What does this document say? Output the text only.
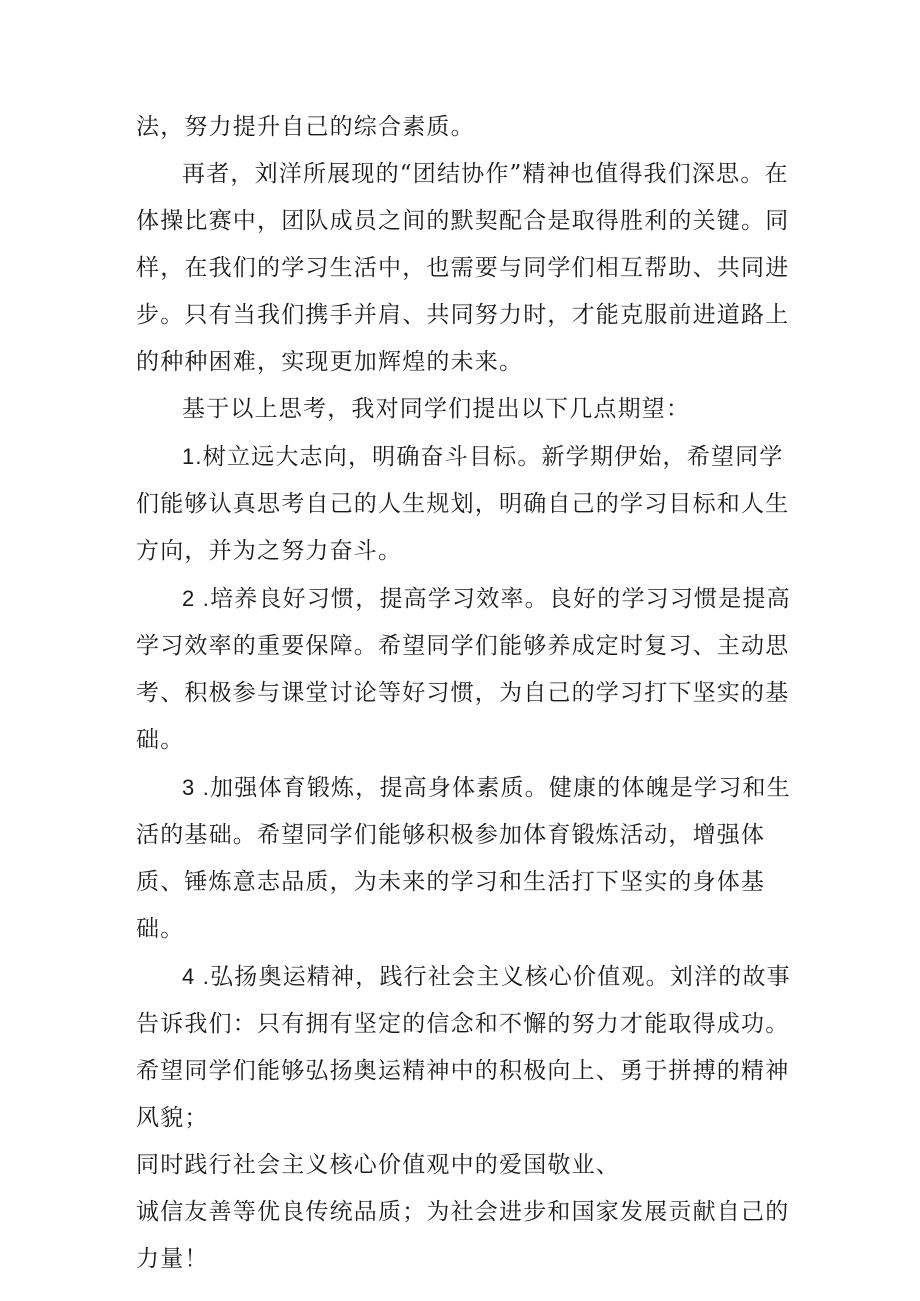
法，努力提升自己的综合素质。

再者，刘洋所展现的“团结协作”精神也值得我们深思。在体操比赛中，团队成员之间的默契配合是取得胜利的关键。同样，在我们的学习生活中，也需要与同学们相互帮助、共同进步。只有当我们携手并肩、共同努力时，才能克服前进道路上的种种困难，实现更加辉煌的未来。

基于以上思考，我对同学们提出以下几点期望：

1.树立远大志向，明确奋斗目标。新学期伊始，希望同学们能够认真思考自己的人生规划，明确自己的学习目标和人生方向，并为之努力奋斗。

2 .培养良好习惯，提高学习效率。良好的学习习惯是提高学习效率的重要保障。希望同学们能够养成定时复习、主动思考、积极参与课堂讨论等好习惯，为自己的学习打下坚实的基础。

3 .加强体育锻炼，提高身体素质。健康的体魄是学习和生活的基础。希望同学们能够积极参加体育锻炼活动，增强体质、锤炼意志品质，为未来的学习和生活打下坚实的身体基础。

4 .弘扬奥运精神，践行社会主义核心价值观。刘洋的故事告诉我们：只有拥有坚定的信念和不懈的努力才能取得成功。希望同学们能够弘扬奥运精神中的积极向上、勇于拼搏的精神风貌；

同时践行社会主义核心价值观中的爱国敬业、

诚信友善等优良传统品质；为社会进步和国家发展贡献自己的力量！
